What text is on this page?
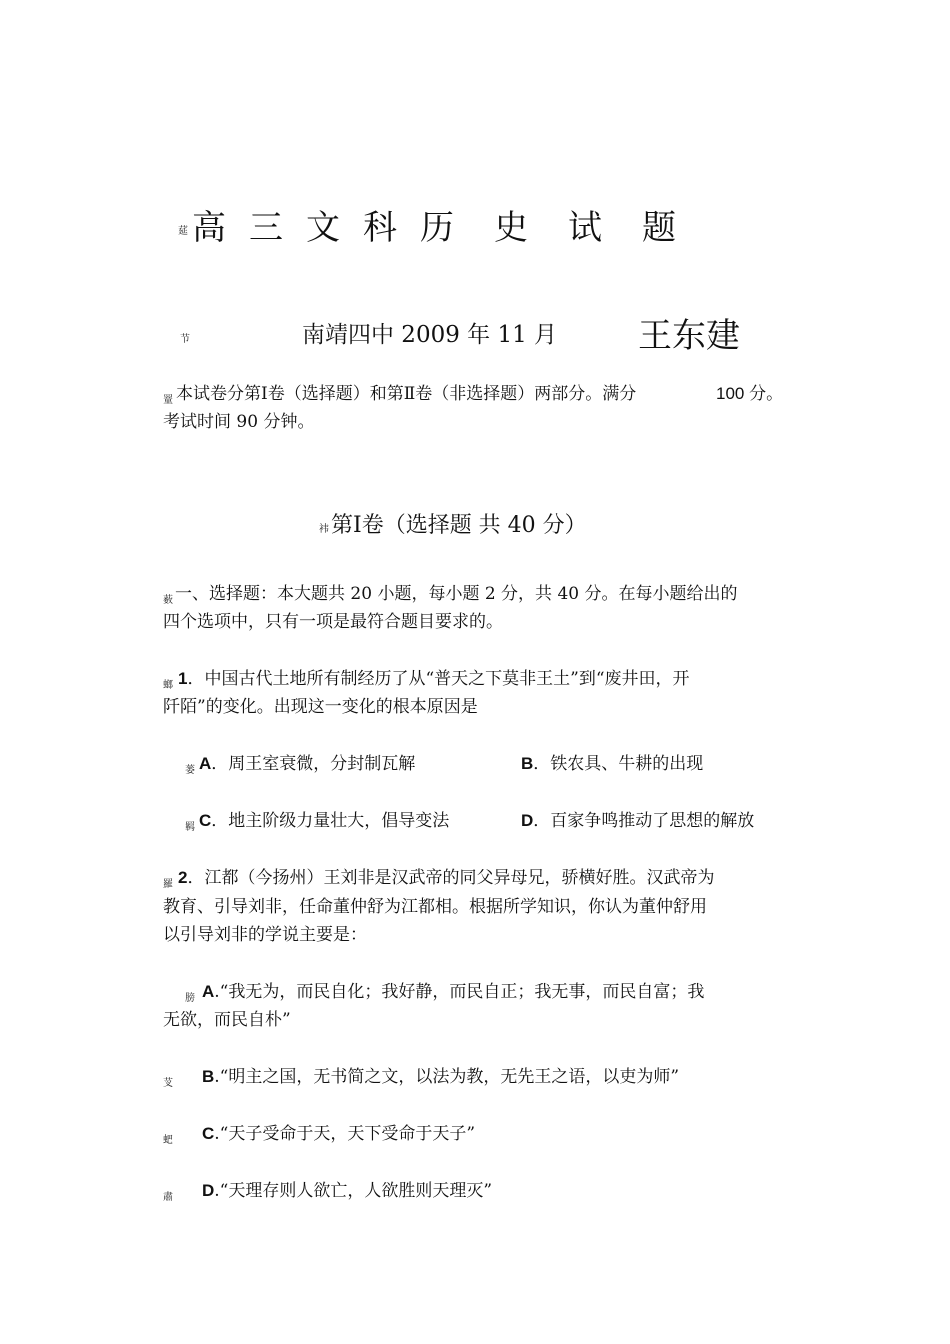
莚 高 三 文 科 历 史 试 题
节	南靖四中 2009 年 11 月 王东建
罿 本试卷分第Ⅰ卷（选择题）和第Ⅱ卷（非选择题）两部分。满分	100 分。
考试时间 90 分钟。
袆 第Ⅰ卷（选择题 共 40 分）
薮 一、选择题：本大题共 20 小题，每小题 2 分，共 40 分。在每小题给出的
四个选项中，只有一项是最符合题目要求的。
螂 1．中国古代土地所有制经历了从“普天之下莫非王土”到“废井田，开
阡陌”的变化。出现这一变化的根本原因是
蒌 A．周王室衰微，分封制瓦解	B．铁农具、牛耕的出现
羁 C．地主阶级力量壮大，倡导变法	D．百家争鸣推动了思想的解放
羅 2．江都（今扬州）王刘非是汉武帝的同父异母兄，骄横好胜。汉武帝为
教育、引导刘非，任命董仲舒为江都相。根据所学知识，你认为董仲舒用
以引导刘非的学说主要是：
膀 A.“我无为，而民自化；我好静，而民自正；我无事，而民自富；我
无欲，而民自朴”
芆 B.“明主之国，无书简之文，以法为教，无先王之语，以吏为师”
蚆 C.“天子受命于天，天下受命于天子”
肅 D.“天理存则人欲亡，人欲胜则天理灭”
